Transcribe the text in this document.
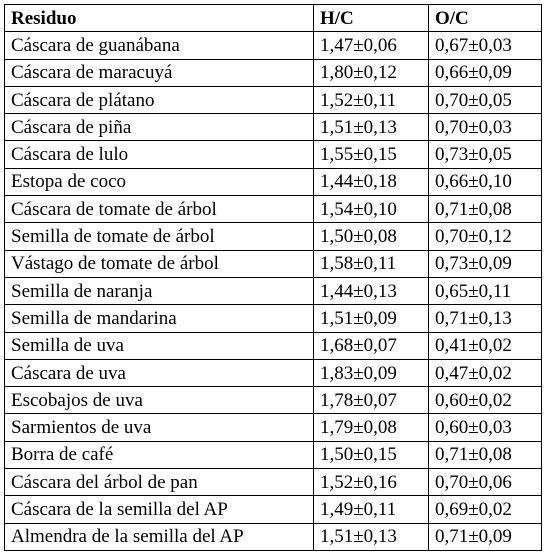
Residuo	H/C	O/C
Cáscara de guanábana	1,47±0,06	0,67±0,03
Cáscara de maracuyá	1,80±0,12	0,66±0,09
Cáscara de plátano	1,52±0,11	0,70±0,05
Cáscara de piña	1,51±0,13	0,70±0,03
Cáscara de lulo	1,55±0,15	0,73±0,05
Estopa de coco	1,44±0,18	0,66±0,10
Cáscara de tomate de árbol	1,54±0,10	0,71±0,08
Semilla de tomate de árbol	1,50±0,08	0,70±0,12
Vástago de tomate de árbol	1,58±0,11	0,73±0,09
Semilla de naranja	1,44±0,13	0,65±0,11
Semilla de mandarina	1,51±0,09	0,71±0,13
Semilla de uva	1,68±0,07	0,41±0,02
Cáscara de uva	1,83±0,09	0,47±0,02
Escobajos de uva	1,78±0,07	0,60±0,02
Sarmientos de uva	1,79±0,08	0,60±0,03
Borra de café	1,50±0,15	0,71±0,08
Cáscara del árbol de pan	1,52±0,16	0,70±0,06
Cáscara de la semilla del AP	1,49±0,11	0,69±0,02
Almendra de la semilla del AP	1,51±0,13	0,71±0,09
